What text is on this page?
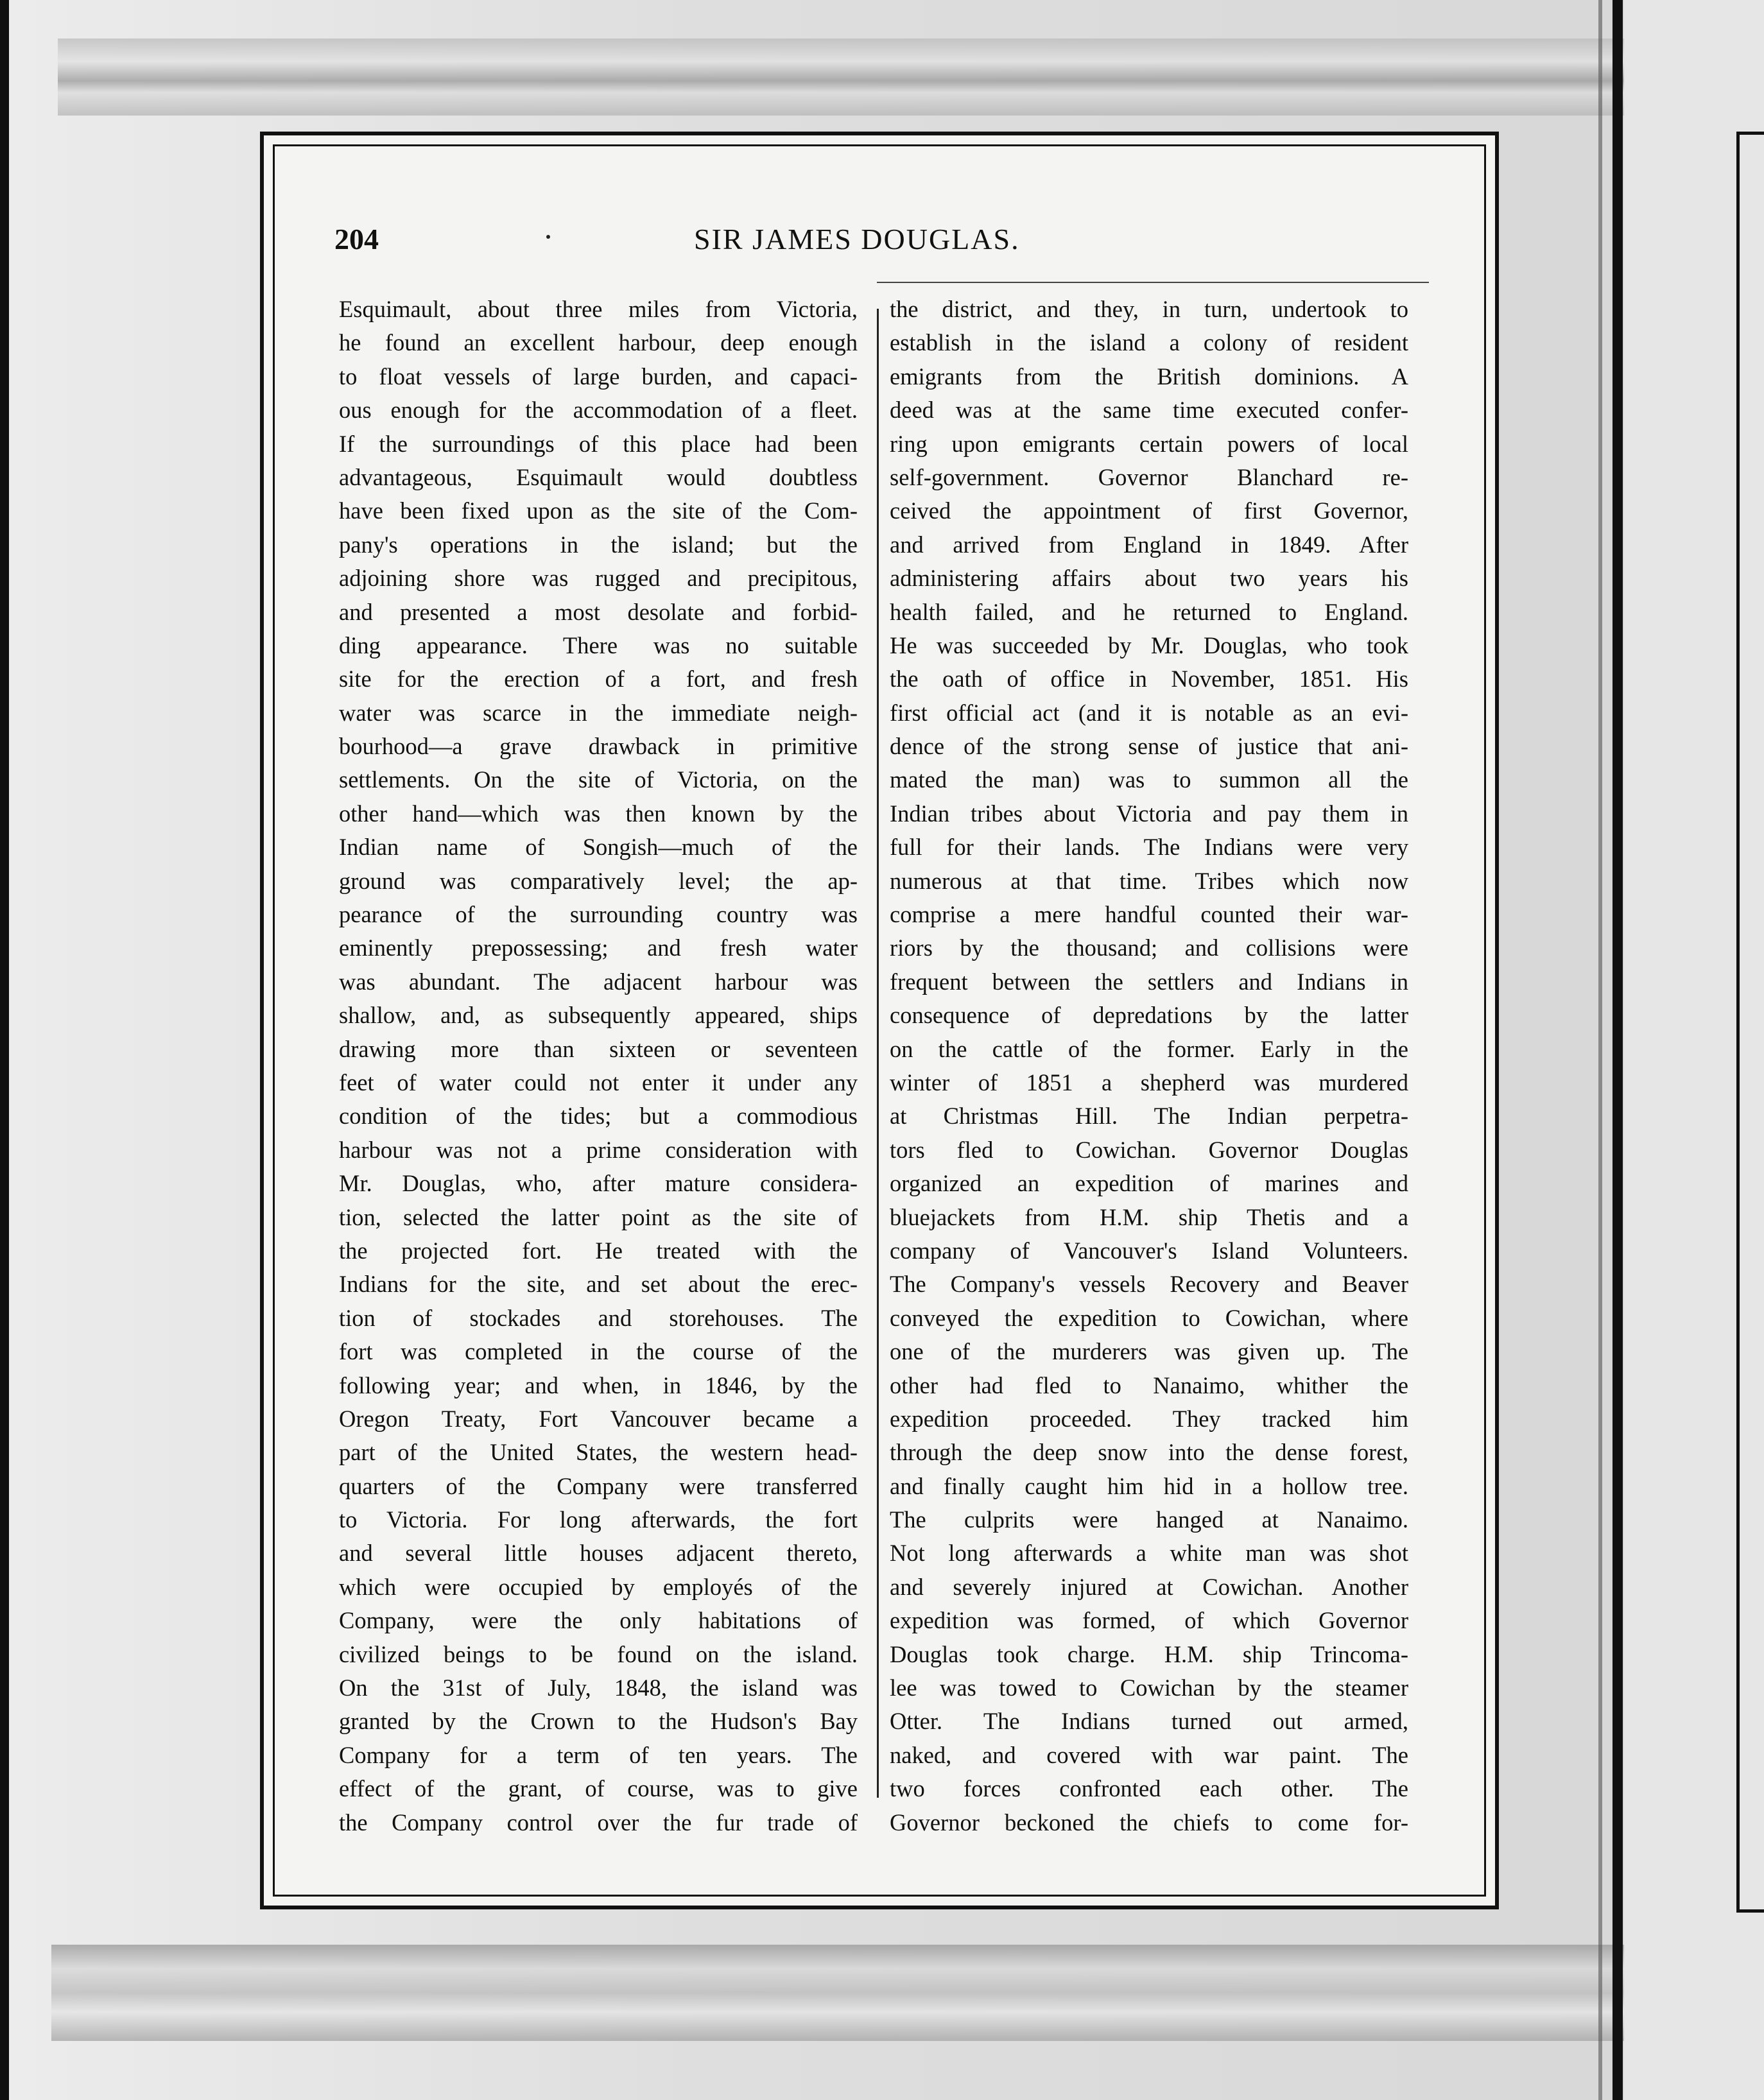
204	SIR JAMES DOUGLAS.
Esquimault, about three miles from Victoria,
he found an excellent harbour, deep enough
to float vessels of large burden, and capaci-
ous enough for the accommodation of a fleet.
If the surroundings of this place had been
advantageous, Esquimault would doubtless
have been fixed upon as the site of the Com-
pany's operations in the island; but the
adjoining shore was rugged and precipitous,
and presented a most desolate and forbid-
ding appearance. There was no suitable
site for the erection of a fort, and fresh
water was scarce in the immediate neigh-
bourhood—a grave drawback in primitive
settlements. On the site of Victoria, on the
other hand—which was then known by the
Indian name of Songish—much of the
ground was comparatively level; the ap-
pearance of the surrounding country was
eminently prepossessing; and fresh water
was abundant. The adjacent harbour was
shallow, and, as subsequently appeared, ships
drawing more than sixteen or seventeen
feet of water could not enter it under any
condition of the tides; but a commodious
harbour was not a prime consideration with
Mr. Douglas, who, after mature considera-
tion, selected the latter point as the site of
the projected fort. He treated with the
Indians for the site, and set about the erec-
tion of stockades and storehouses. The
fort was completed in the course of the
following year; and when, in 1846, by the
Oregon Treaty, Fort Vancouver became a
part of the United States, the western head-
quarters of the Company were transferred
to Victoria. For long afterwards, the fort
and several little houses adjacent thereto,
which were occupied by employés of the
Company, were the only habitations of
civilized beings to be found on the island.
On the 31st of July, 1848, the island was
granted by the Crown to the Hudson's Bay
Company for a term of ten years. The
effect of the grant, of course, was to give
the Company control over the fur trade of
the district, and they, in turn, undertook to
establish in the island a colony of resident
emigrants from the British dominions. A
deed was at the same time executed confer-
ring upon emigrants certain powers of local
self-government. Governor Blanchard re-
ceived the appointment of first Governor,
and arrived from England in 1849. After
administering affairs about two years his
health failed, and he returned to England.
He was succeeded by Mr. Douglas, who took
the oath of office in November, 1851. His
first official act (and it is notable as an evi-
dence of the strong sense of justice that ani-
mated the man) was to summon all the
Indian tribes about Victoria and pay them in
full for their lands. The Indians were very
numerous at that time. Tribes which now
comprise a mere handful counted their war-
riors by the thousand; and collisions were
frequent between the settlers and Indians in
consequence of depredations by the latter
on the cattle of the former. Early in the
winter of 1851 a shepherd was murdered
at Christmas Hill. The Indian perpetra-
tors fled to Cowichan. Governor Douglas
organized an expedition of marines and
bluejackets from H.M. ship Thetis and a
company of Vancouver's Island Volunteers.
The Company's vessels Recovery and Beaver
conveyed the expedition to Cowichan, where
one of the murderers was given up. The
other had fled to Nanaimo, whither the
expedition proceeded. They tracked him
through the deep snow into the dense forest,
and finally caught him hid in a hollow tree.
The culprits were hanged at Nanaimo.
Not long afterwards a white man was shot
and severely injured at Cowichan. Another
expedition was formed, of which Governor
Douglas took charge. H.M. ship Trincoma-
lee was towed to Cowichan by the steamer
Otter. The Indians turned out armed,
naked, and covered with war paint. The
two forces confronted each other. The
Governor beckoned the chiefs to come for-
